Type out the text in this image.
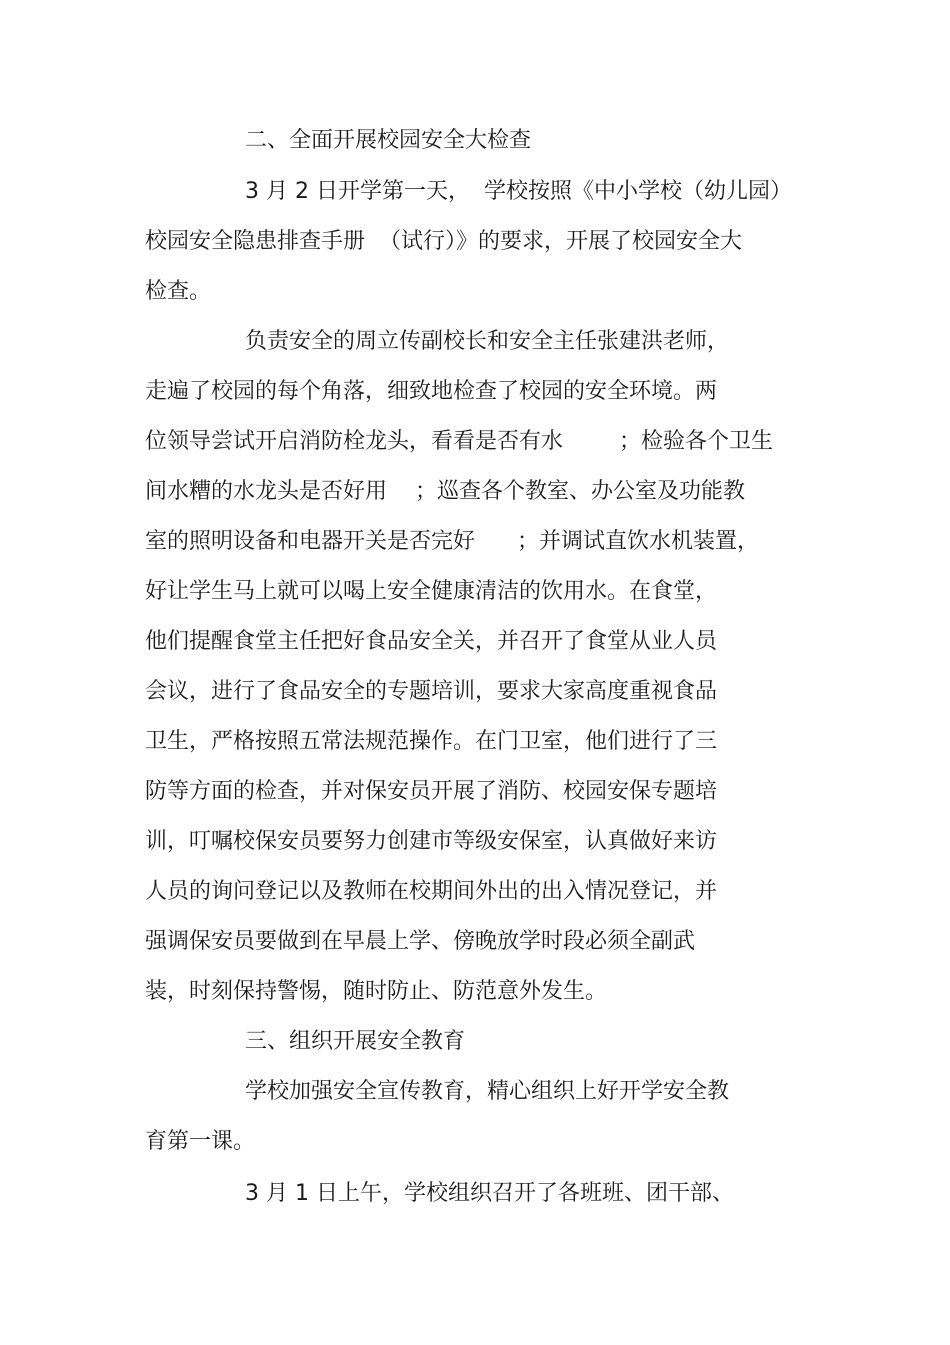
二、全面开展校园安全大检查
3 月 2 日开学第一天，  学校按照《中小学校（幼儿园）
校园安全隐患排查手册  （试行）》的要求，开展了校园安全大
检查。
负责安全的周立传副校长和安全主任张建洪老师，
走遍了校园的每个角落，细致地检查了校园的安全环境。两
位领导尝试开启消防栓龙头，看看是否有水        ；检验各个卫生
间水糟的水龙头是否好用    ；巡查各个教室、办公室及功能教
室的照明设备和电器开关是否完好      ；并调试直饮水机装置，
好让学生马上就可以喝上安全健康清洁的饮用水。在食堂，
他们提醒食堂主任把好食品安全关，并召开了食堂从业人员
会议，进行了食品安全的专题培训，要求大家高度重视食品
卫生，严格按照五常法规范操作。在门卫室，他们进行了三
防等方面的检查，并对保安员开展了消防、校园安保专题培
训，叮嘱校保安员要努力创建市等级安保室，认真做好来访
人员的询问登记以及教师在校期间外出的出入情况登记，并
强调保安员要做到在早晨上学、傍晚放学时段必须全副武
装，时刻保持警惕，随时防止、防范意外发生。
三、组织开展安全教育
学校加强安全宣传教育，精心组织上好开学安全教
育第一课。
3 月 1 日上午，学校组织召开了各班班、团干部、
